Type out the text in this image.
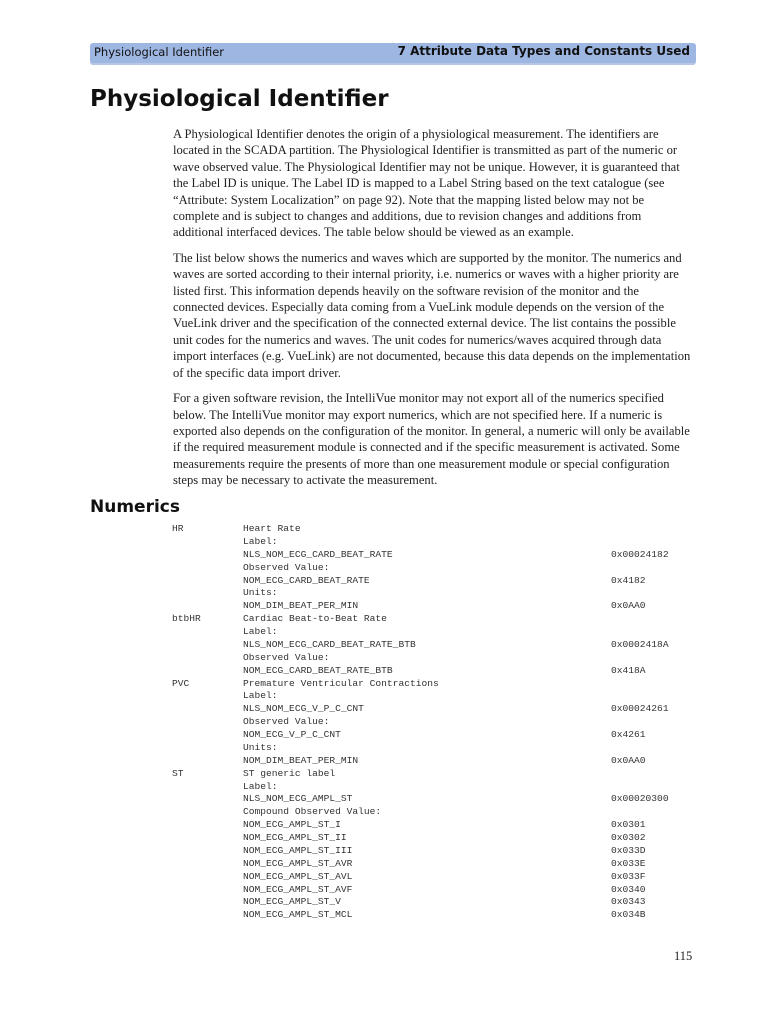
Physiological Identifier	7 Attribute Data Types and Constants Used
Physiological Identifier

A Physiological Identifier denotes the origin of a physiological measurement. The identifiers are located in the SCADA partition. The Physiological Identifier is transmitted as part of the numeric or wave observed value. The Physiological Identifier may not be unique. However, it is guaranteed that the Label ID is unique. The Label ID is mapped to a Label String based on the text catalogue (see “Attribute: System Localization” on page 92). Note that the mapping listed below may not be complete and is subject to changes and additions, due to revision changes and additions from additional interfaced devices. The table below should be viewed as an example.

The list below shows the numerics and waves which are supported by the monitor. The numerics and waves are sorted according to their internal priority, i.e. numerics or waves with a higher priority are listed first. This information depends heavily on the software revision of the monitor and the connected devices. Especially data coming from a VueLink module depends on the version of the VueLink driver and the specification of the connected external device. The list contains the possible unit codes for the numerics and waves. The unit codes for numerics/waves acquired through data import interfaces (e.g. VueLink) are not documented, because this data depends on the implementation of the specific data import driver.

For a given software revision, the IntelliVue monitor may not export all of the numerics specified below. The IntelliVue monitor may export numerics, which are not specified here. If a numeric is exported also depends on the configuration of the monitor. In general, a numeric will only be available if the required measurement module is connected and if the specific measurement is activated. Some measurements require the presents of more than one measurement module or special configuration steps may be necessary to activate the measurement.

Numerics
HR	Heart Rate
Label:
NLS_NOM_ECG_CARD_BEAT_RATE	0x00024182
Observed Value:
NOM_ECG_CARD_BEAT_RATE	0x4182
Units:
NOM_DIM_BEAT_PER_MIN	0x0AA0
btbHR	Cardiac Beat-to-Beat Rate
Label:
NLS_NOM_ECG_CARD_BEAT_RATE_BTB	0x0002418A
Observed Value:
NOM_ECG_CARD_BEAT_RATE_BTB	0x418A
PVC	Premature Ventricular Contractions
Label:
NLS_NOM_ECG_V_P_C_CNT	0x00024261
Observed Value:
NOM_ECG_V_P_C_CNT	0x4261
Units:
NOM_DIM_BEAT_PER_MIN	0x0AA0
ST	ST generic label
Label:
NLS_NOM_ECG_AMPL_ST	0x00020300
Compound Observed Value:
NOM_ECG_AMPL_ST_I	0x0301
NOM_ECG_AMPL_ST_II	0x0302
NOM_ECG_AMPL_ST_III	0x033D
NOM_ECG_AMPL_ST_AVR	0x033E
NOM_ECG_AMPL_ST_AVL	0x033F
NOM_ECG_AMPL_ST_AVF	0x0340
NOM_ECG_AMPL_ST_V	0x0343
NOM_ECG_AMPL_ST_MCL	0x034B
115
